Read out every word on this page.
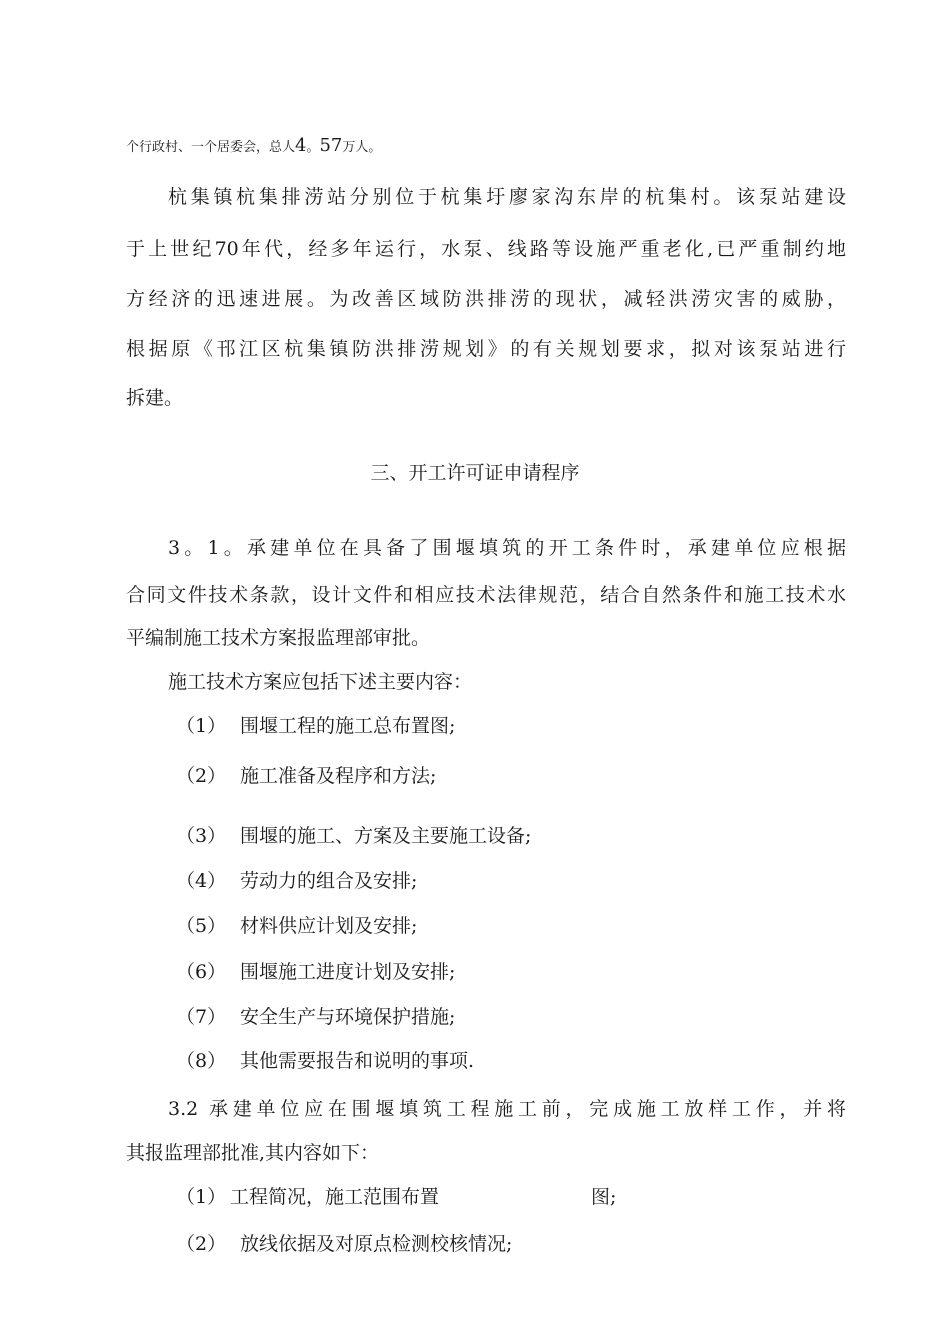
个行政村、一个居委会，总人4。57万人。
杭集镇杭集排涝站分别位于杭集圩廖家沟东岸的杭集村。该泵站建设
于上世纪70年代，经多年运行，水泵、线路等设施严重老化,已严重制约地
方经济的迅速进展。为改善区域防洪排涝的现状，减轻洪涝灾害的威胁，
根据原《邗江区杭集镇防洪排涝规划》的有关规划要求，拟对该泵站进行
拆建。
三、开工许可证申请程序
3。1。承建单位在具备了围堰填筑的开工条件时，承建单位应根据
合同文件技术条款，设计文件和相应技术法律规范，结合自然条件和施工技术水
平编制施工技术方案报监理部审批。
施工技术方案应包括下述主要内容：
（1） 围堰工程的施工总布置图;
（2） 施工准备及程序和方法;
（3） 围堰的施工、方案及主要施工设备;
（4） 劳动力的组合及安排;
（5） 材料供应计划及安排;
（6） 围堰施工进度计划及安排;
（7） 安全生产与环境保护措施;
（8） 其他需要报告和说明的事项.
3.2 承建单位应在围堰填筑工程施工前，完成施工放样工作，并将
其报监理部批准,其内容如下：
（1） 工程简况，施工范围布置	图;
（2） 放线依据及对原点检测校核情况;
